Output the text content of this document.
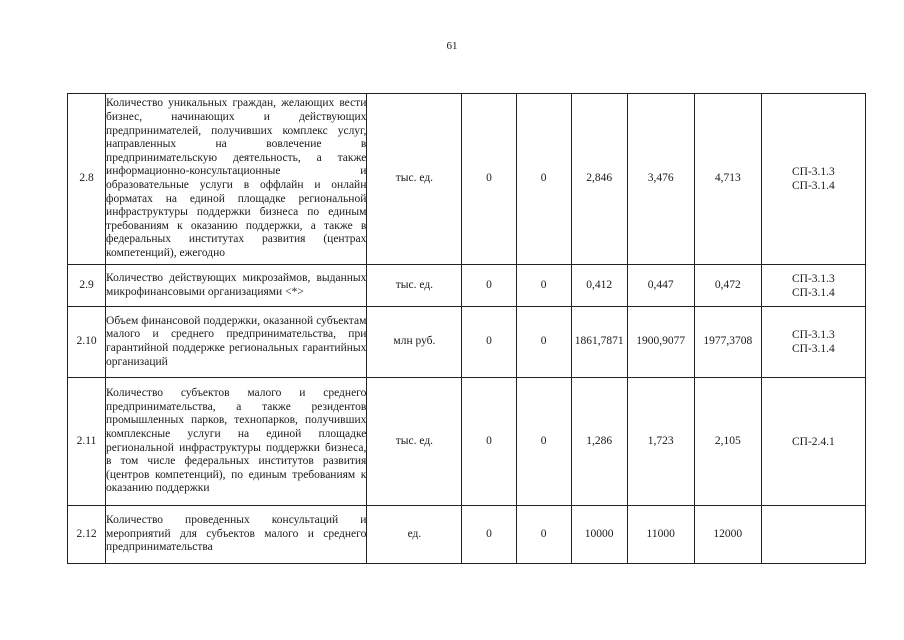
61
2.8	Количество уникальных граждан, желающих вести бизнес, начинающих и действующих предпринимателей, получивших комплекс услуг, направленных на вовлечение в предпринимательскую деятельность, а также информационно-консультационные и образовательные услуги в оффлайн и онлайн форматах на единой площадке региональной инфраструктуры поддержки бизнеса по единым требованиям к оказанию поддержки, а также в федеральных институтах развития (центрах компетенций), ежегодно	тыс. ед.	0	0	2,846	3,476	4,713	СП-3.1.3
СП-3.1.4

2.9	Количество действующих микрозаймов, выданных микрофинансовыми организациями <*>	тыс. ед.	0	0	0,412	0,447	0,472	СП-3.1.3
СП-3.1.4

2.10	Объем финансовой поддержки, оказанной субъектам малого и среднего предпринимательства, при гарантийной поддержке региональных гарантийных организаций	млн руб.	0	0	1861,7871	1900,9077	1977,3708	СП-3.1.3
СП-3.1.4

2.11	Количество субъектов малого и среднего предпринимательства, а также резидентов промышленных парков, технопарков, получивших комплексные услуги на единой площадке региональной инфраструктуры поддержки бизнеса, в том числе федеральных институтов развития (центров компетенций), по единым требованиям к оказанию поддержки	тыс. ед.	0	0	1,286	1,723	2,105	СП-2.4.1

2.12	Количество проведенных консультаций и мероприятий для субъектов малого и среднего предпринимательства	ед.	0	0	10000	11000	12000	
